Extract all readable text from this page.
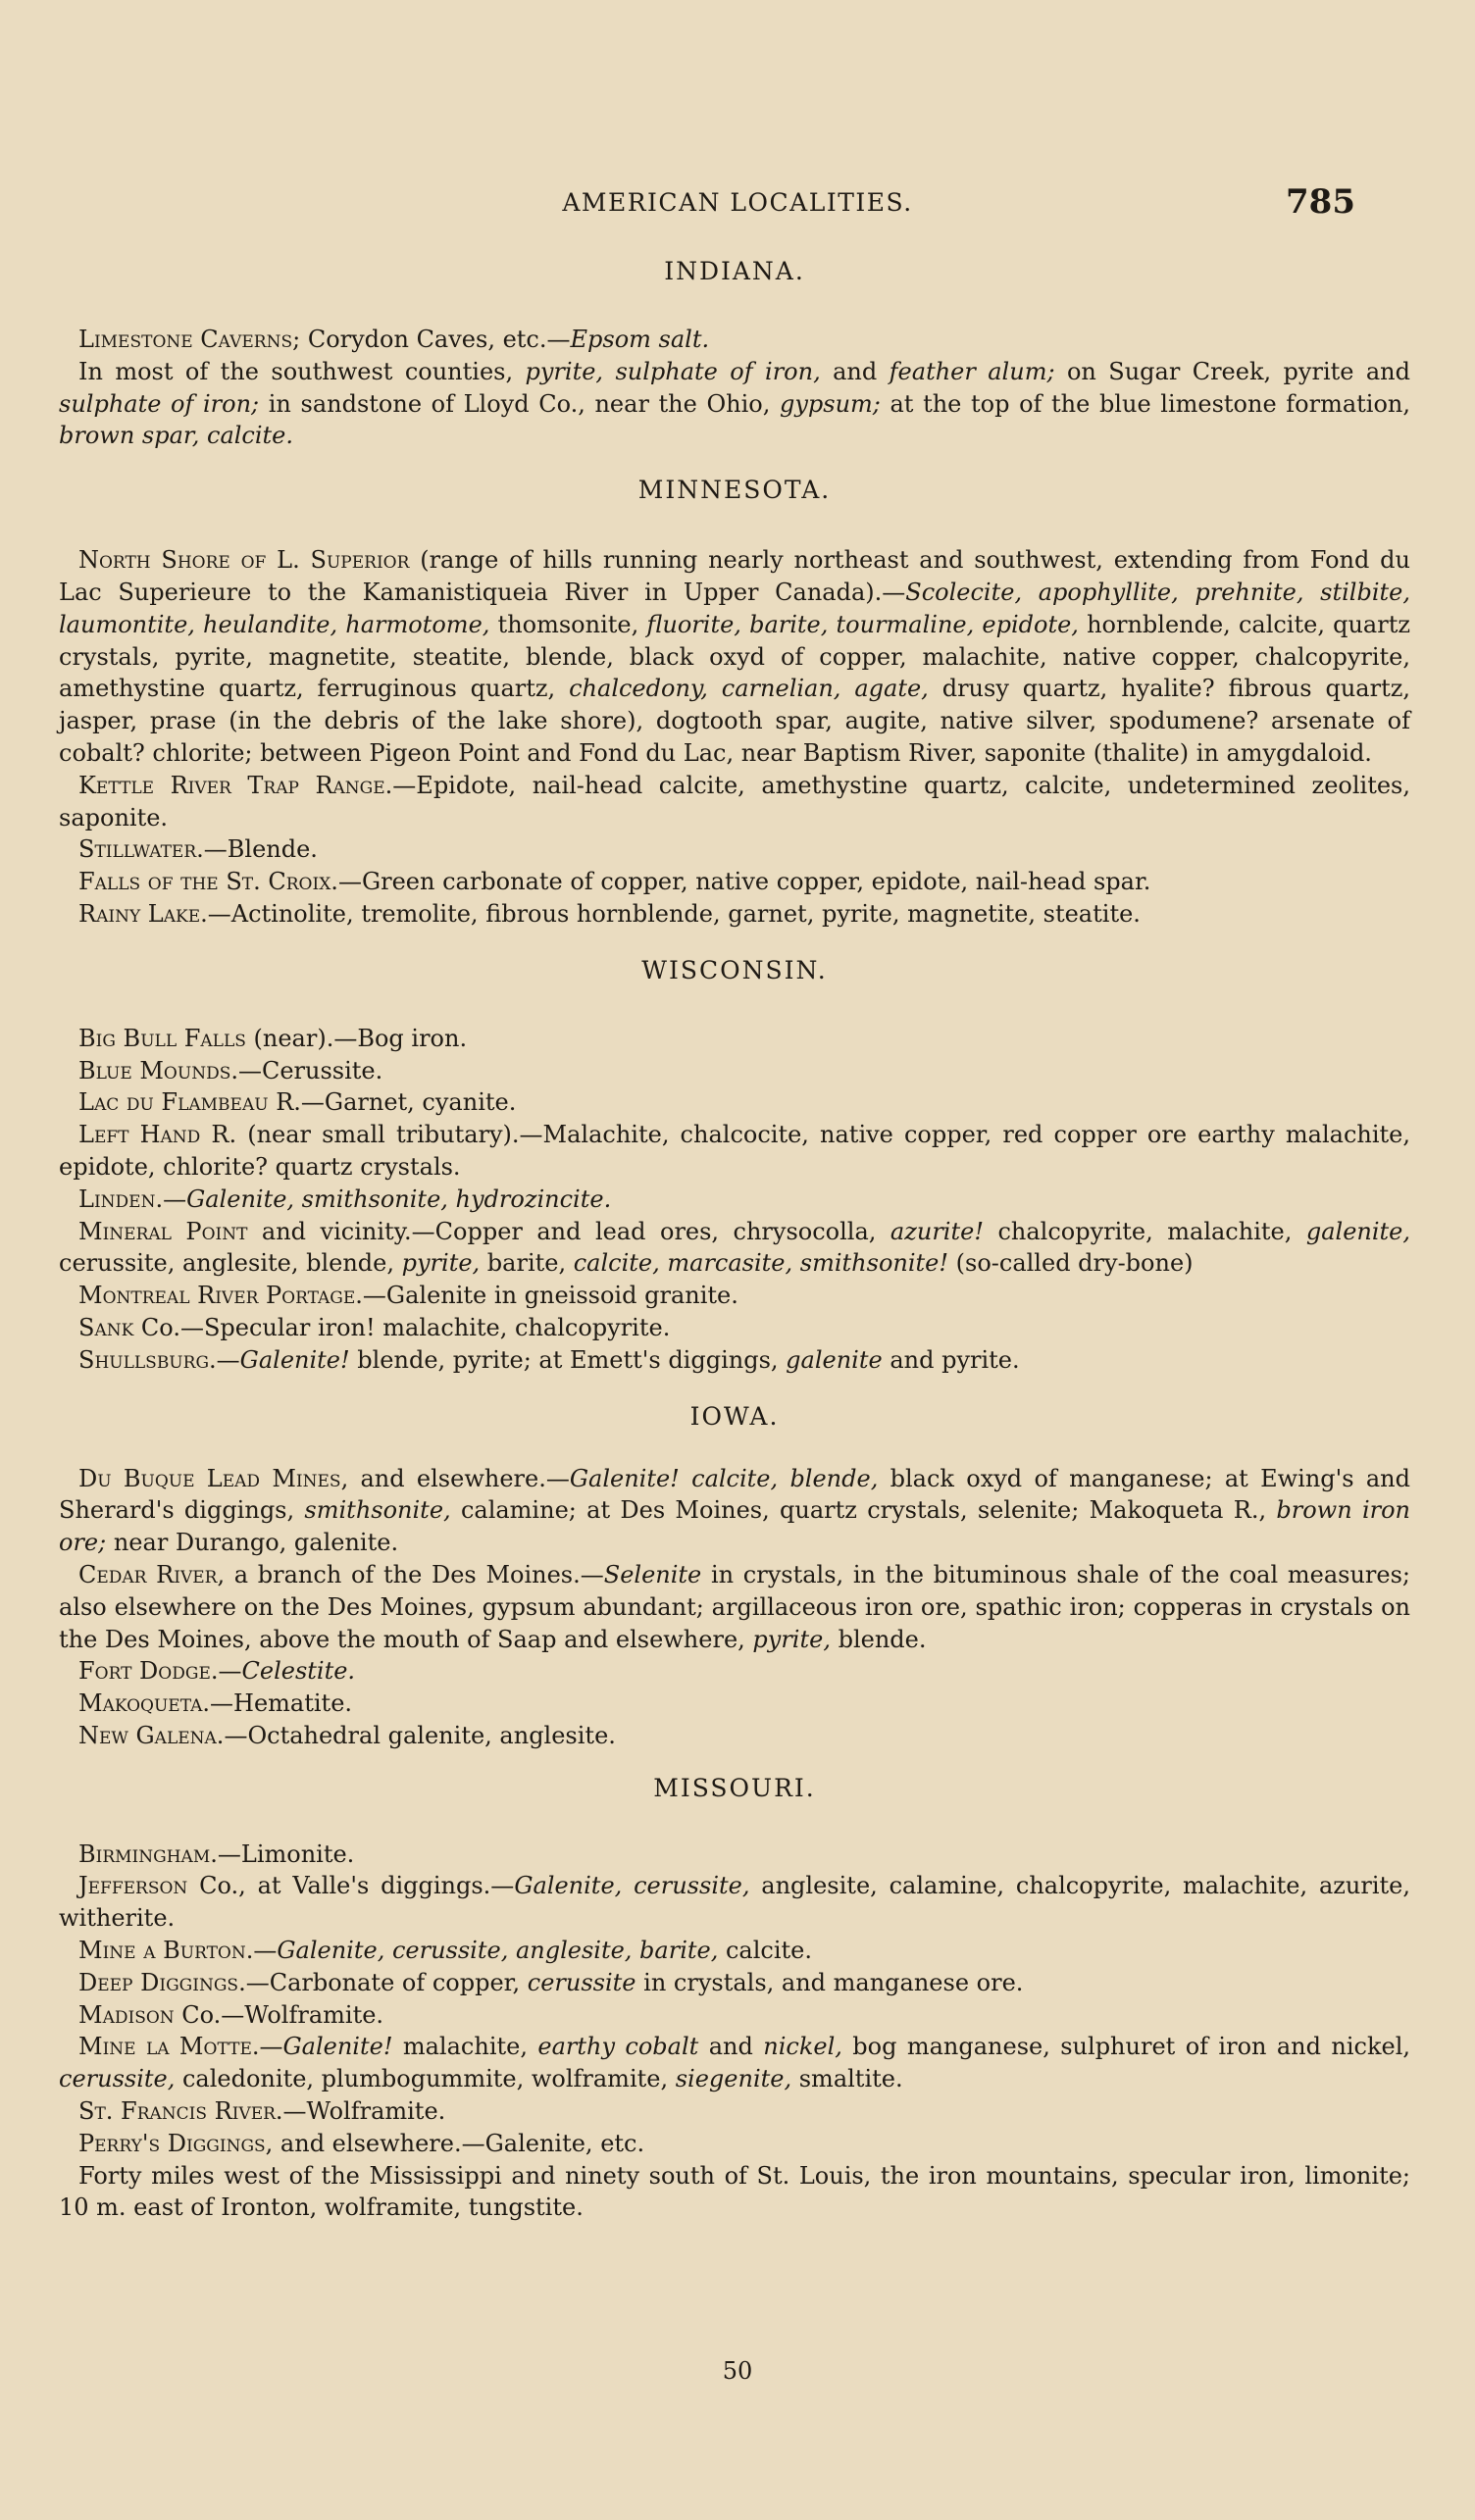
AMERICAN LOCALITIES.	785
INDIANA.

Limestone Caverns; Corydon Caves, etc.—Epsom salt.

In most of the southwest counties, pyrite, sulphate of iron, and feather alum; on Sugar Creek, pyrite and sulphate of iron; in sandstone of Lloyd Co., near the Ohio, gypsum; at the top of the blue limestone formation, brown spar, calcite.

MINNESOTA.

North Shore of L. Superior (range of hills running nearly northeast and southwest, extending from Fond du Lac Superieure to the Kamanistiqueia River in Upper Canada).—Scolecite, apophyllite, prehnite, stilbite, laumontite, heulandite, harmotome, thomsonite, fluorite, barite, tourmaline, epidote, hornblende, calcite, quartz crystals, pyrite, magnetite, steatite, blende, black oxyd of copper, malachite, native copper, chalcopyrite, amethystine quartz, ferruginous quartz, chalcedony, carnelian, agate, drusy quartz, hyalite? fibrous quartz, jasper, prase (in the debris of the lake shore), dogtooth spar, augite, native silver, spodumene? arsenate of cobalt? chlorite; between Pigeon Point and Fond du Lac, near Baptism River, saponite (thalite) in amygdaloid.

Kettle River Trap Range.—Epidote, nail-head calcite, amethystine quartz, calcite, undetermined zeolites, saponite.

Stillwater.—Blende.

Falls of the St. Croix.—Green carbonate of copper, native copper, epidote, nail-head spar.

Rainy Lake.—Actinolite, tremolite, fibrous hornblende, garnet, pyrite, magnetite, steatite.

WISCONSIN.

Big Bull Falls (near).—Bog iron.

Blue Mounds.—Cerussite.

Lac du Flambeau R.—Garnet, cyanite.

Left Hand R. (near small tributary).—Malachite, chalcocite, native copper, red copper ore earthy malachite, epidote, chlorite? quartz crystals.

Linden.—Galenite, smithsonite, hydrozincite.

Mineral Point and vicinity.—Copper and lead ores, chrysocolla, azurite! chalcopyrite, malachite, galenite, cerussite, anglesite, blende, pyrite, barite, calcite, marcasite, smithsonite! (so-called dry-bone)

Montreal River Portage.—Galenite in gneissoid granite.

Sank Co.—Specular iron! malachite, chalcopyrite.

Shullsburg.—Galenite! blende, pyrite; at Emett's diggings, galenite and pyrite.

IOWA.

Du Buque Lead Mines, and elsewhere.—Galenite! calcite, blende, black oxyd of manganese; at Ewing's and Sherard's diggings, smithsonite, calamine; at Des Moines, quartz crystals, selenite; Makoqueta R., brown iron ore; near Durango, galenite.

Cedar River, a branch of the Des Moines.—Selenite in crystals, in the bituminous shale of the coal measures; also elsewhere on the Des Moines, gypsum abundant; argillaceous iron ore, spathic iron; copperas in crystals on the Des Moines, above the mouth of Saap and elsewhere, pyrite, blende.

Fort Dodge.—Celestite.

Makoqueta.—Hematite.

New Galena.—Octahedral galenite, anglesite.

MISSOURI.

Birmingham.—Limonite.

Jefferson Co., at Valle's diggings.—Galenite, cerussite, anglesite, calamine, chalcopyrite, malachite, azurite, witherite.

Mine a Burton.—Galenite, cerussite, anglesite, barite, calcite.

Deep Diggings.—Carbonate of copper, cerussite in crystals, and manganese ore.

Madison Co.—Wolframite.

Mine la Motte.—Galenite! malachite, earthy cobalt and nickel, bog manganese, sulphuret of iron and nickel, cerussite, caledonite, plumbogummite, wolframite, siegenite, smaltite.

St. Francis River.—Wolframite.

Perry's Diggings, and elsewhere.—Galenite, etc.

Forty miles west of the Mississippi and ninety south of St. Louis, the iron mountains, specular iron, limonite; 10 m. east of Ironton, wolframite, tungstite.

50
